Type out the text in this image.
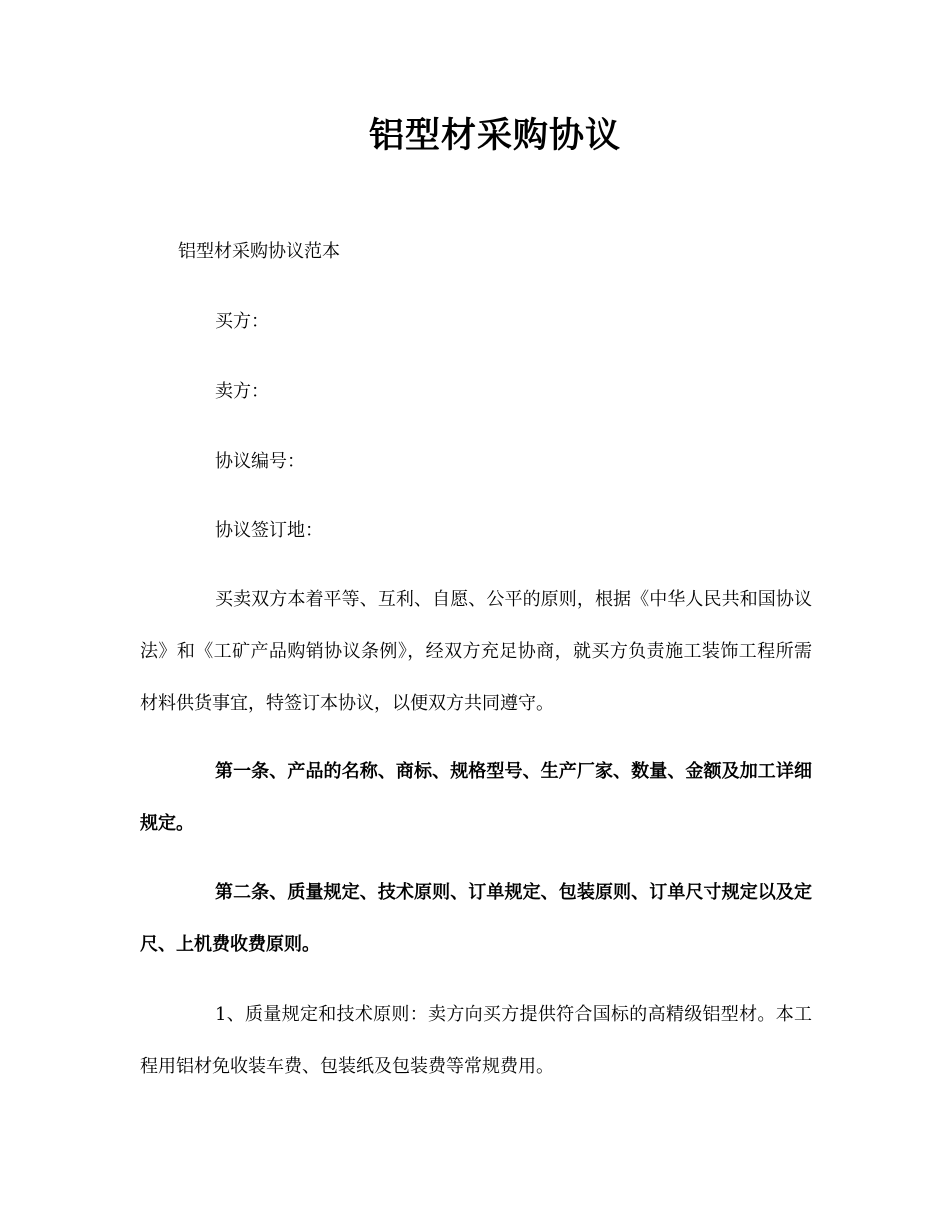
铝型材采购协议
铝型材采购协议范本
买方：
卖方：
协议编号：
协议签订地：
买卖双方本着平等、互利、自愿、公平的原则，根据《中华人民共和国协议法》和《工矿产品购销协议条例》，经双方充足协商，就买方负责施工装饰工程所需材料供货事宜，特签订本协议，以便双方共同遵守。
第一条、产品的名称、商标、规格型号、生产厂家、数量、金额及加工详细规定。
第二条、质量规定、技术原则、订单规定、包装原则、订单尺寸规定以及定尺、上机费收费原则。
1、质量规定和技术原则：卖方向买方提供符合国标的高精级铝型材。本工程用铝材免收装车费、包装纸及包装费等常规费用。
